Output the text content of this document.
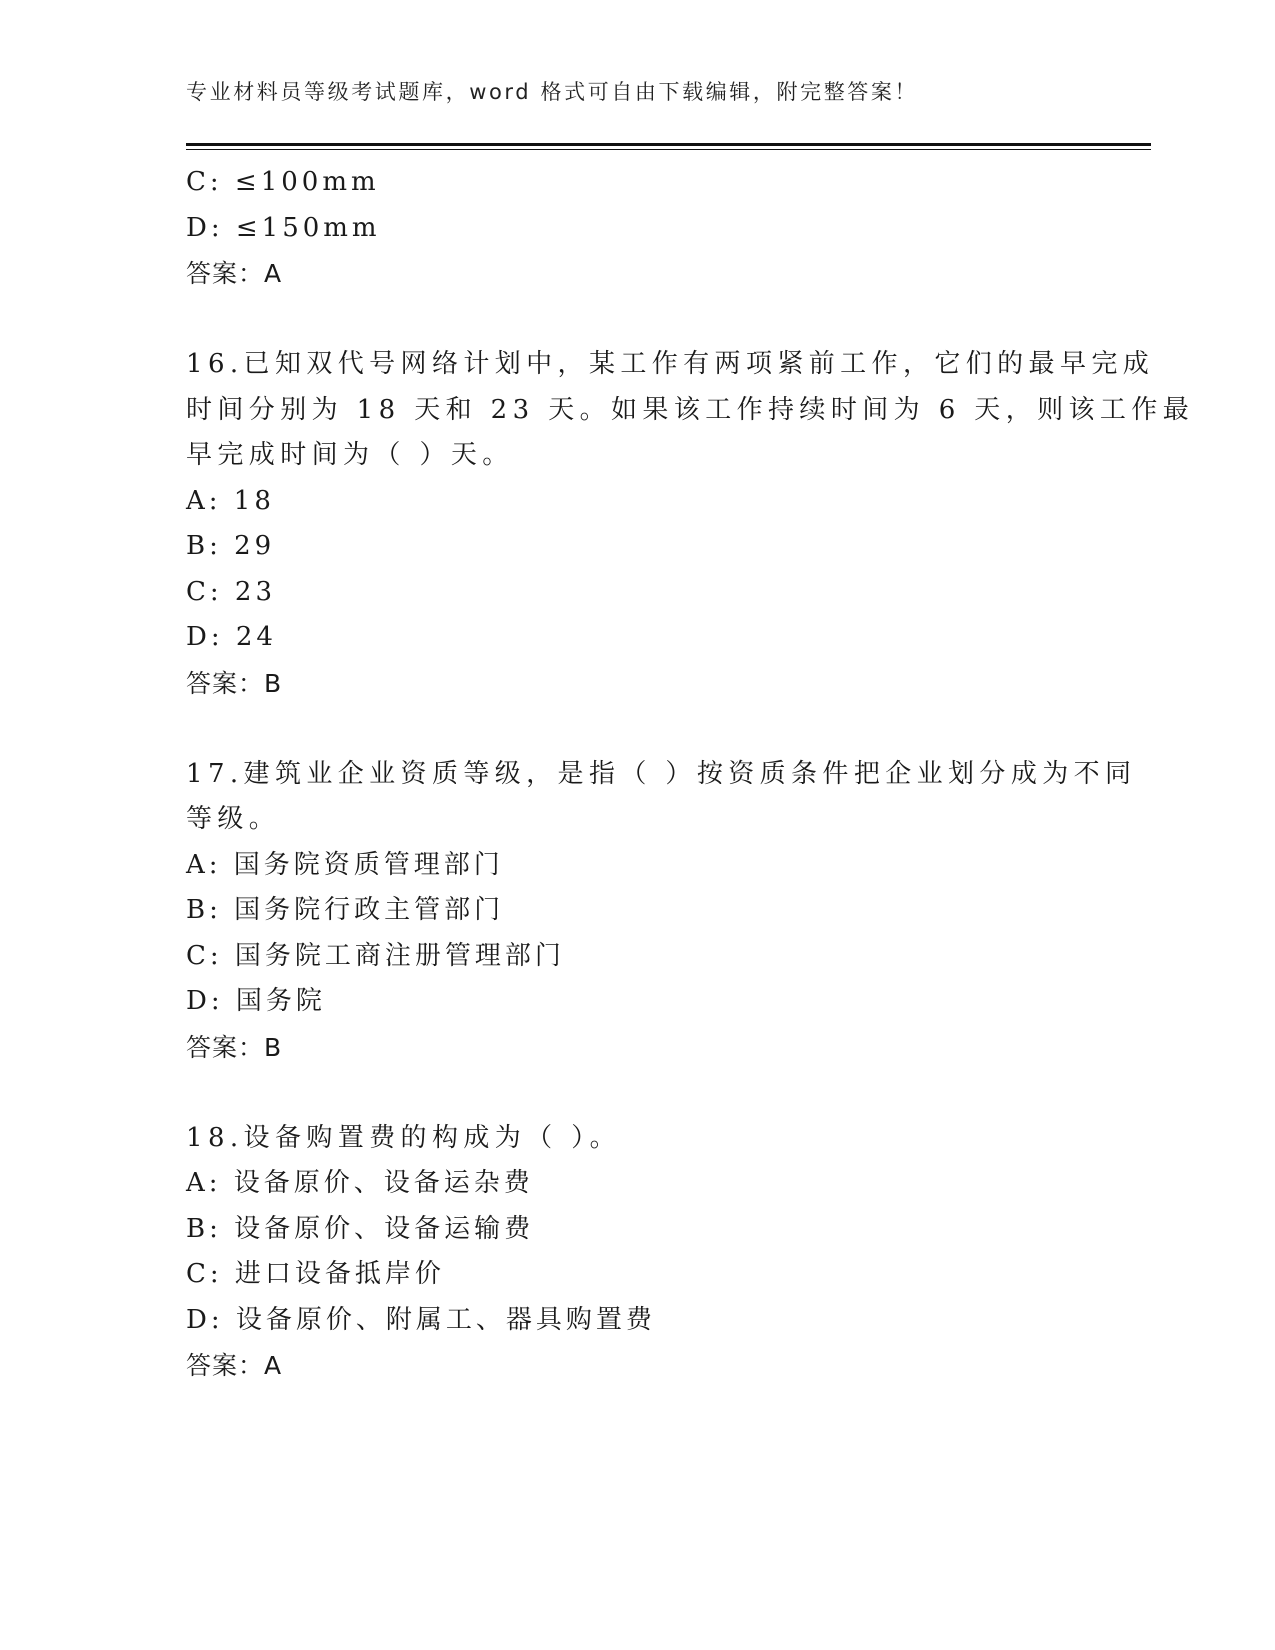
专业材料员等级考试题库，word 格式可自由下载编辑，附完整答案！
C: ≤100mm
D: ≤150mm
答案：A
16.已知双代号网络计划中，某工作有两项紧前工作，它们的最早完成
时间分别为 18 天和 23 天。如果该工作持续时间为 6 天，则该工作最
早完成时间为（ ）天。
A: 18
B: 29
C: 23
D: 24
答案：B
17.建筑业企业资质等级，是指（ ）按资质条件把企业划分成为不同
等级。
A: 国务院资质管理部门
B: 国务院行政主管部门
C: 国务院工商注册管理部门
D: 国务院
答案：B
18.设备购置费的构成为（ ）。
A: 设备原价、设备运杂费
B: 设备原价、设备运输费
C: 进口设备抵岸价
D: 设备原价、附属工、器具购置费
答案：A
